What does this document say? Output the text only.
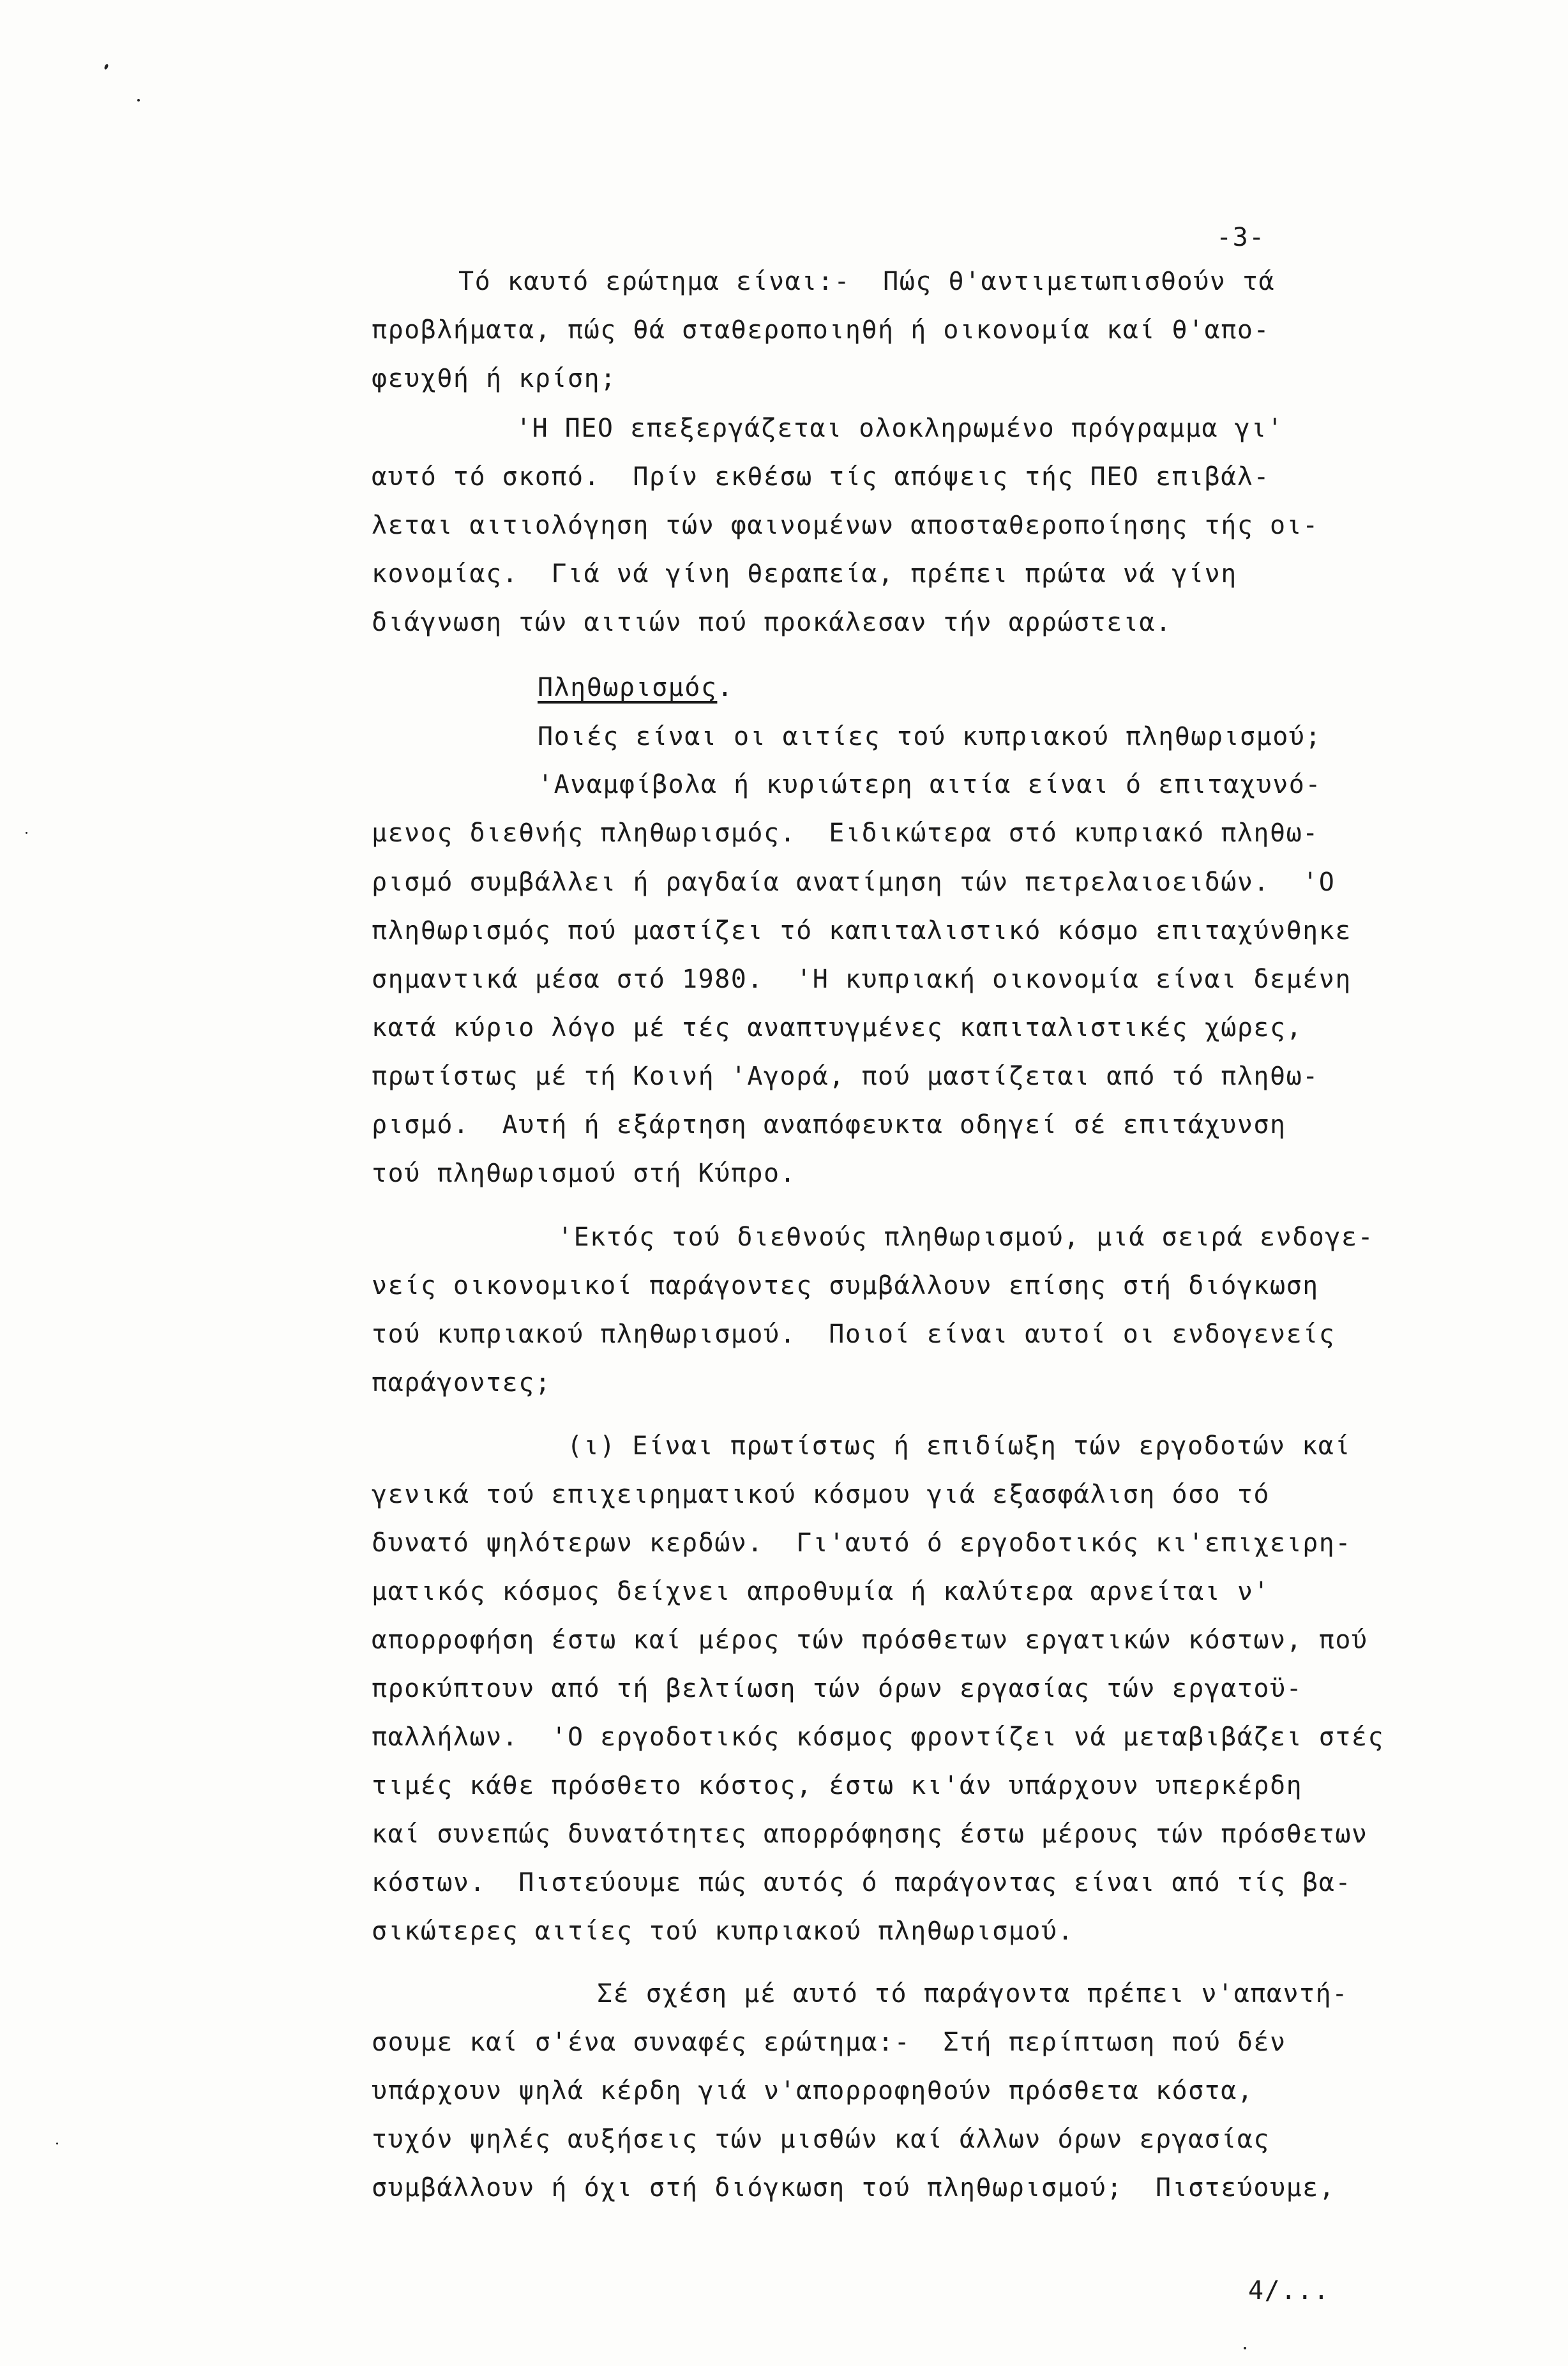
-3-
Τό καυτό ερώτημα είναι:-  Πώς θ'αντιμετωπισθούν τά
προβλήματα, πώς θά σταθεροποιηθή ή οικονομία καί θ'απο-
φευχθή ή κρίση;
'Η ΠΕΟ επεξεργάζεται ολοκληρωμένο πρόγραμμα γι'
αυτό τό σκοπό.  Πρίν εκθέσω τίς απόψεις τής ΠΕΟ επιβάλ-
λεται αιτιολόγηση τών φαινομένων αποσταθεροποίησης τής οι-
κονομίας.  Γιά νά γίνη θεραπεία, πρέπει πρώτα νά γίνη
διάγνωση τών αιτιών πού προκάλεσαν τήν αρρώστεια.
Πληθωρισμός.
Ποιές είναι οι αιτίες τού κυπριακού πληθωρισμού;
'Αναμφίβολα ή κυριώτερη αιτία είναι ό επιταχυνό-
μενος διεθνής πληθωρισμός.  Ειδικώτερα στό κυπριακό πληθω-
ρισμό συμβάλλει ή ραγδαία ανατίμηση τών πετρελαιοειδών.  'Ο
πληθωρισμός πού μαστίζει τό καπιταλιστικό κόσμο επιταχύνθηκε
σημαντικά μέσα στό 1980.  'Η κυπριακή οικονομία είναι δεμένη
κατά κύριο λόγο μέ τές αναπτυγμένες καπιταλιστικές χώρες,
πρωτίστως μέ τή Κοινή 'Αγορά, πού μαστίζεται από τό πληθω-
ρισμό.  Αυτή ή εξάρτηση αναπόφευκτα οδηγεί σέ επιτάχυνση
τού πληθωρισμού στή Κύπρο.
'Εκτός τού διεθνούς πληθωρισμού, μιά σειρά ενδογε-
νείς οικονομικοί παράγοντες συμβάλλουν επίσης στή διόγκωση
τού κυπριακού πληθωρισμού.  Ποιοί είναι αυτοί οι ενδογενείς
παράγοντες;
(ι) Είναι πρωτίστως ή επιδίωξη τών εργοδοτών καί
γενικά τού επιχειρηματικού κόσμου γιά εξασφάλιση όσο τό
δυνατό ψηλότερων κερδών.  Γι'αυτό ό εργοδοτικός κι'επιχειρη-
ματικός κόσμος δείχνει απροθυμία ή καλύτερα αρνείται ν'
απορροφήση έστω καί μέρος τών πρόσθετων εργατικών κόστων, πού
προκύπτουν από τή βελτίωση τών όρων εργασίας τών εργατοϋ-
παλλήλων.  'Ο εργοδοτικός κόσμος φροντίζει νά μεταβιβάζει στές
τιμές κάθε πρόσθετο κόστος, έστω κι'άν υπάρχουν υπερκέρδη
καί συνεπώς δυνατότητες απορρόφησης έστω μέρους τών πρόσθετων
κόστων.  Πιστεύουμε πώς αυτός ό παράγοντας είναι από τίς βα-
σικώτερες αιτίες τού κυπριακού πληθωρισμού.
Σέ σχέση μέ αυτό τό παράγοντα πρέπει ν'απαντή-
σουμε καί σ'ένα συναφές ερώτημα:-  Στή περίπτωση πού δέν
υπάρχουν ψηλά κέρδη γιά ν'απορροφηθούν πρόσθετα κόστα,
τυχόν ψηλές αυξήσεις τών μισθών καί άλλων όρων εργασίας
συμβάλλουν ή όχι στή διόγκωση τού πληθωρισμού;  Πιστεύουμε,
4/...
